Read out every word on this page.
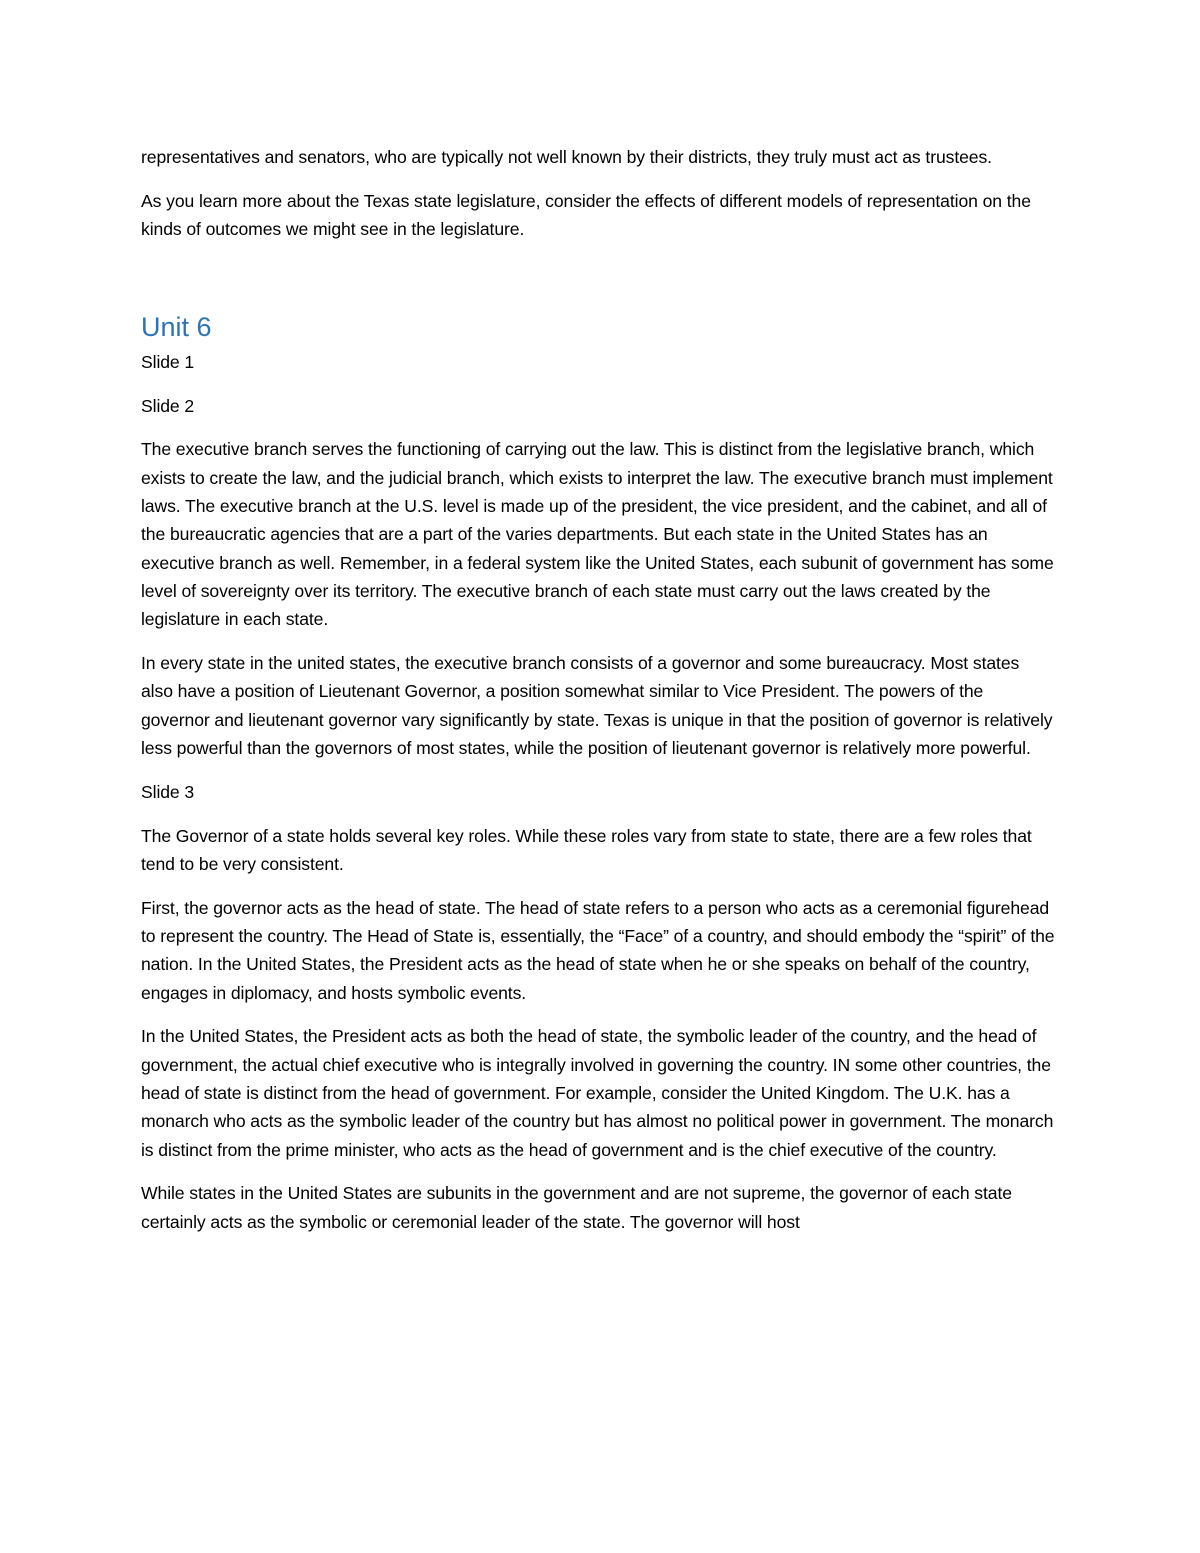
representatives and senators, who are typically not well known by their districts, they truly must act as trustees.

As you learn more about the Texas state legislature, consider the effects of different models of representation on the kinds of outcomes we might see in the legislature.

Unit 6

Slide 1

Slide 2

The executive branch serves the functioning of carrying out the law. This is distinct from the legislative branch, which exists to create the law, and the judicial branch, which exists to interpret the law. The executive branch must implement laws. The executive branch at the U.S. level is made up of the president, the vice president, and the cabinet, and all of the bureaucratic agencies that are a part of the varies departments. But each state in the United States has an executive branch as well. Remember, in a federal system like the United States, each subunit of government has some level of sovereignty over its territory. The executive branch of each state must carry out the laws created by the legislature in each state.

In every state in the united states, the executive branch consists of a governor and some bureaucracy. Most states also have a position of Lieutenant Governor, a position somewhat similar to Vice President. The powers of the governor and lieutenant governor vary significantly by state. Texas is unique in that the position of governor is relatively less powerful than the governors of most states, while the position of lieutenant governor is relatively more powerful.

Slide 3

The Governor of a state holds several key roles. While these roles vary from state to state, there are a few roles that tend to be very consistent.

First, the governor acts as the head of state. The head of state refers to a person who acts as a ceremonial figurehead to represent the country. The Head of State is, essentially, the “Face” of a country, and should embody the “spirit” of the nation. In the United States, the President acts as the head of state when he or she speaks on behalf of the country, engages in diplomacy, and hosts symbolic events.

In the United States, the President acts as both the head of state, the symbolic leader of the country, and the head of government, the actual chief executive who is integrally involved in governing the country. IN some other countries, the head of state is distinct from the head of government. For example, consider the United Kingdom. The U.K. has a monarch who acts as the symbolic leader of the country but has almost no political power in government. The monarch is distinct from the prime minister, who acts as the head of government and is the chief executive of the country.

While states in the United States are subunits in the government and are not supreme, the governor of each state certainly acts as the symbolic or ceremonial leader of the state. The governor will host
